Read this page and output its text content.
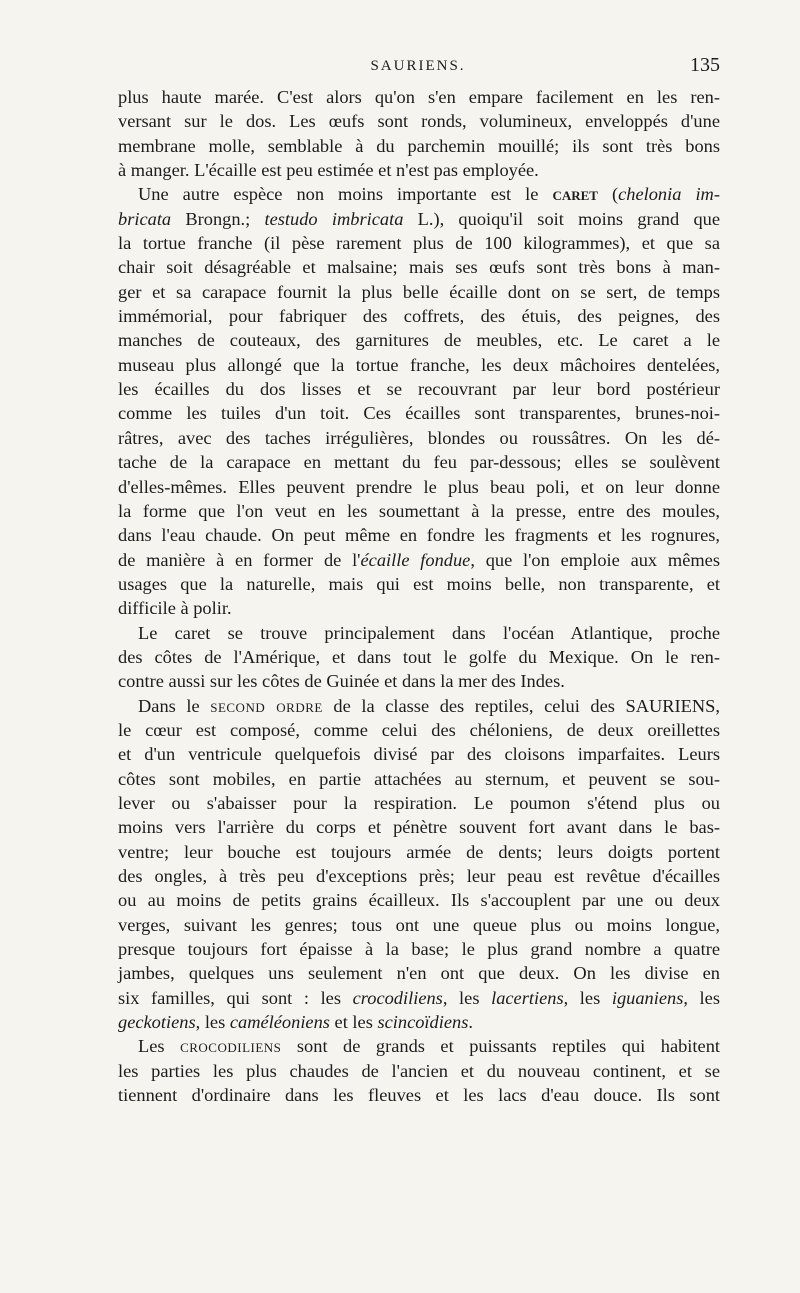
SAURIENS.	135
plus haute marée. C'est alors qu'on s'en empare facilement en les ren-
versant sur le dos. Les œufs sont ronds, volumineux, enveloppés d'une
membrane molle, semblable à du parchemin mouillé; ils sont très bons
à manger. L'écaille est peu estimée et n'est pas employée.
Une autre espèce non moins importante est le caret (chelonia im-
bricata Brongn.; testudo imbricata L.), quoiqu'il soit moins grand que
la tortue franche (il pèse rarement plus de 100 kilogrammes), et que sa
chair soit désagréable et malsaine; mais ses œufs sont très bons à man-
ger et sa carapace fournit la plus belle écaille dont on se sert, de temps
immémorial, pour fabriquer des coffrets, des étuis, des peignes, des
manches de couteaux, des garnitures de meubles, etc. Le caret a le
museau plus allongé que la tortue franche, les deux mâchoires dentelées,
les écailles du dos lisses et se recouvrant par leur bord postérieur
comme les tuiles d'un toit. Ces écailles sont transparentes, brunes-noi-
râtres, avec des taches irrégulières, blondes ou roussâtres. On les dé-
tache de la carapace en mettant du feu par-dessous; elles se soulèvent
d'elles-mêmes. Elles peuvent prendre le plus beau poli, et on leur donne
la forme que l'on veut en les soumettant à la presse, entre des moules,
dans l'eau chaude. On peut même en fondre les fragments et les rognures,
de manière à en former de l'écaille fondue, que l'on emploie aux mêmes
usages que la naturelle, mais qui est moins belle, non transparente, et
difficile à polir.
Le caret se trouve principalement dans l'océan Atlantique, proche
des côtes de l'Amérique, et dans tout le golfe du Mexique. On le ren-
contre aussi sur les côtes de Guinée et dans la mer des Indes.
Dans le second ordre de la classe des reptiles, celui des SAURIENS,
le cœur est composé, comme celui des chéloniens, de deux oreillettes
et d'un ventricule quelquefois divisé par des cloisons imparfaites. Leurs
côtes sont mobiles, en partie attachées au sternum, et peuvent se sou-
lever ou s'abaisser pour la respiration. Le poumon s'étend plus ou
moins vers l'arrière du corps et pénètre souvent fort avant dans le bas-
ventre; leur bouche est toujours armée de dents; leurs doigts portent
des ongles, à très peu d'exceptions près; leur peau est revêtue d'écailles
ou au moins de petits grains écailleux. Ils s'accouplent par une ou deux
verges, suivant les genres; tous ont une queue plus ou moins longue,
presque toujours fort épaisse à la base; le plus grand nombre a quatre
jambes, quelques uns seulement n'en ont que deux. On les divise en
six familles, qui sont : les crocodiliens, les lacertiens, les iguaniens, les
geckotiens, les caméléoniens et les scincoïdiens.
Les crocodiliens sont de grands et puissants reptiles qui habitent
les parties les plus chaudes de l'ancien et du nouveau continent, et se
tiennent d'ordinaire dans les fleuves et les lacs d'eau douce. Ils sont
